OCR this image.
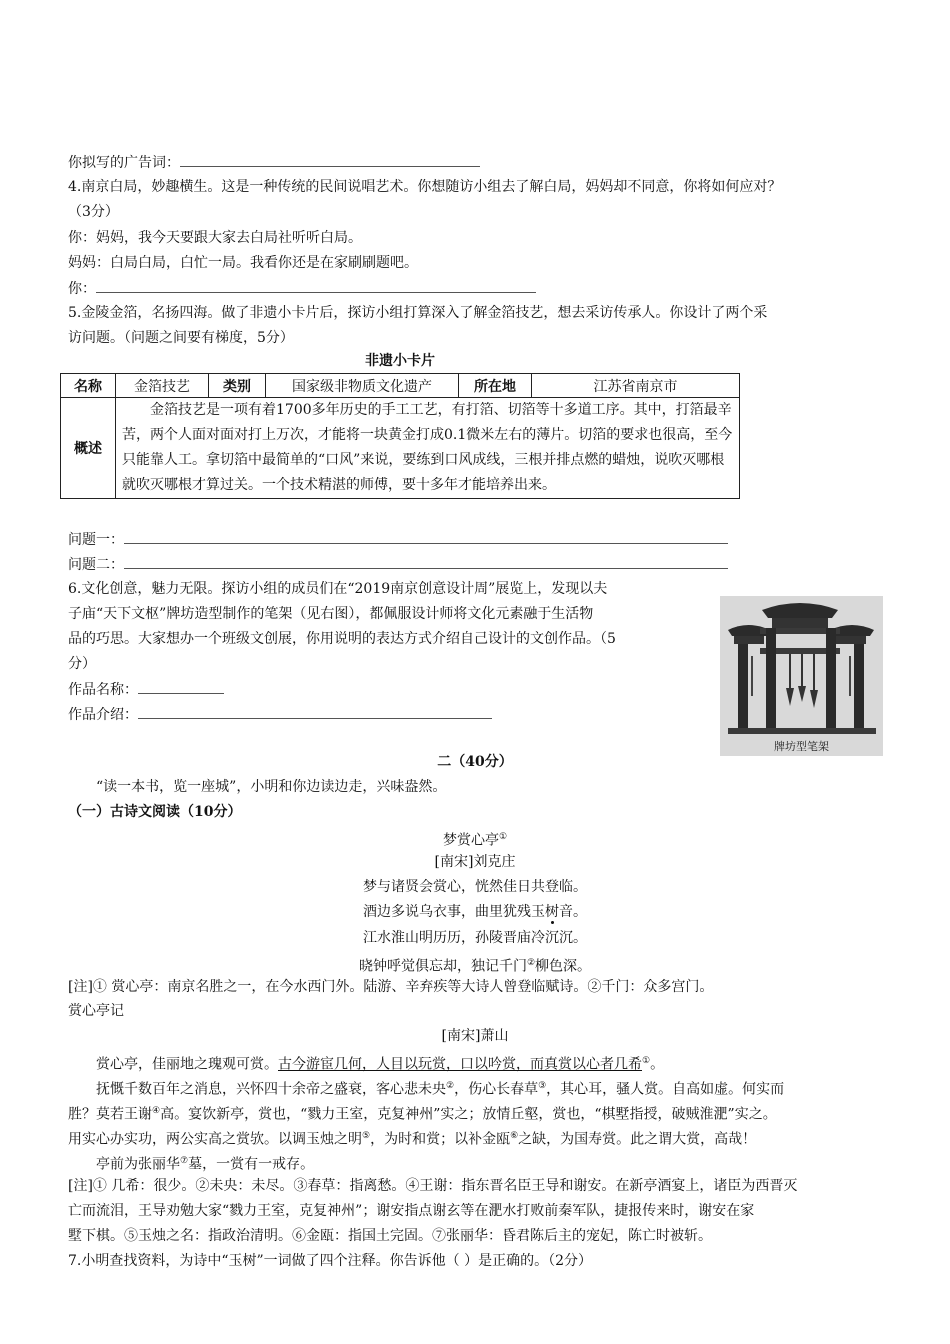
你拟写的广告词：
4.南京白局，妙趣横生。这是一种传统的民间说唱艺术。你想随访小组去了解白局，妈妈却不同意，你将如何应对？
（3分）
你：妈妈，我今天要跟大家去白局社听听白局。
妈妈：白局白局，白忙一局。我看你还是在家刷刷题吧。
你：
5.金陵金箔，名扬四海。做了非遗小卡片后，探访小组打算深入了解金箔技艺，想去采访传承人。你设计了两个采
访问题。（问题之间要有梯度，5分）
非遗小卡片
名称	金箔技艺	类别	国家级非物质文化遗产	所在地	江苏省南京市
概述	金箔技艺是一项有着1700多年历史的手工工艺，有打箔、切箔等十多道工序。其中，打箔最辛苦，两个人面对面对打上万次，才能将一块黄金打成0.1微米左右的薄片。切箔的要求也很高，至今只能靠人工。拿切箔中最简单的“口风”来说，要练到口风成线，三根并排点燃的蜡烛，说吹灭哪根就吹灭哪根才算过关。一个技术精湛的师傅，要十多年才能培养出来。				
问题一：
问题二：
6.文化创意，魅力无限。探访小组的成员们在“2019南京创意设计周”展览上，发现以夫
子庙“天下文枢”牌坊造型制作的笔架（见右图），都佩服设计师将文化元素融于生活物
品的巧思。大家想办一个班级文创展，你用说明的表达方式介绍自己设计的文创作品。（5
分）
作品名称：
作品介绍：
牌坊型笔架
二（40分）
“读一本书，览一座城”，小明和你边读边走，兴味盎然。
（一）古诗文阅读（10分）
梦赏心亭①
[南宋]刘克庄
梦与诸贤会赏心，恍然佳日共登临。
酒边多说乌衣事，曲里犹残玉树音。
江水淮山明历历，孙陵晋庙冷沉沉。
晓钟呼觉俱忘却，独记千门②柳色深。
[注]① 赏心亭：南京名胜之一，在今水西门外。陆游、辛弃疾等大诗人曾登临赋诗。②千门：众多宫门。
赏心亭记
[南宋]萧山
赏心亭，佳丽地之瑰观可赏。古今游宦几何，人目以玩赏，口以吟赏，而真赏以心者几希①。
抚慨千数百年之消息，兴怀四十余帝之盛衰，客心悲未央②，伤心长春草③，其心耳，骚人赏。自高如虚。何实而
胜？莫若王谢④高。宴饮新亭，赏也，“戮力王室，克复神州”实之；放情丘壑，赏也，“棋墅指授，破贼淮淝”实之。
用实心办实功，两公实高之赏欤。以调玉烛之明⑤，为时和赏；以补金瓯⑥之缺，为国寿赏。此之谓大赏，高哉！
亭前为张丽华⑦墓，一赏有一戒存。
[注]① 几希：很少。②未央：未尽。③春草：指离愁。④王谢：指东晋名臣王导和谢安。在新亭酒宴上，诸臣为西晋灭
亡而流泪，王导劝勉大家“戮力王室，克复神州”；谢安指点谢玄等在淝水打败前秦军队，捷报传来时，谢安在家
墅下棋。⑤玉烛之名：指政治清明。⑥金瓯：指国土完固。⑦张丽华：昏君陈后主的宠妃，陈亡时被斩。
7.小明查找资料，为诗中“玉树”一词做了四个注释。你告诉他（ ）是正确的。（2分）
